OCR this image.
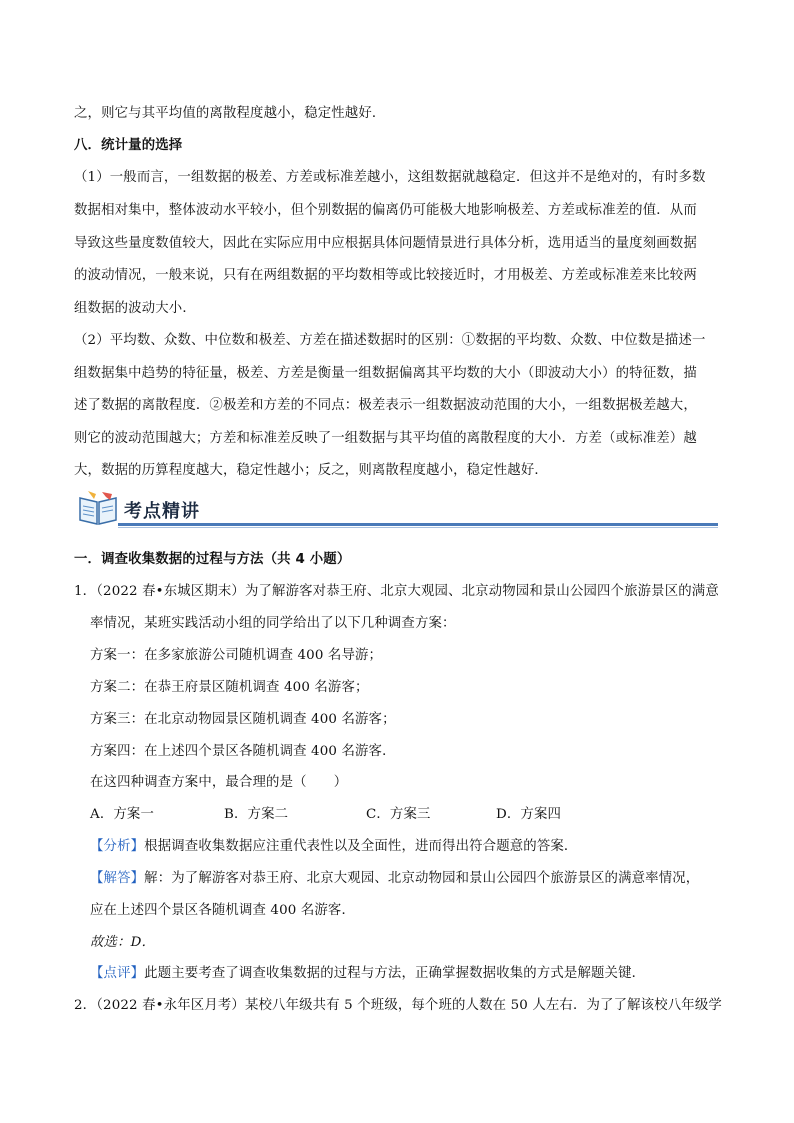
之，则它与其平均值的离散程度越小，稳定性越好．
八．统计量的选择
（1）一般而言，一组数据的极差、方差或标准差越小，这组数据就越稳定．但这并不是绝对的，有时多数
数据相对集中，整体波动水平较小，但个别数据的偏离仍可能极大地影响极差、方差或标准差的值．从而
导致这些量度数值较大，因此在实际应用中应根据具体问题情景进行具体分析，选用适当的量度刻画数据
的波动情况，一般来说，只有在两组数据的平均数相等或比较接近时，才用极差、方差或标准差来比较两
组数据的波动大小．
（2）平均数、众数、中位数和极差、方差在描述数据时的区别：①数据的平均数、众数、中位数是描述一
组数据集中趋势的特征量，极差、方差是衡量一组数据偏离其平均数的大小（即波动大小）的特征数，描
述了数据的离散程度．②极差和方差的不同点：极差表示一组数据波动范围的大小，一组数据极差越大，
则它的波动范围越大；方差和标准差反映了一组数据与其平均值的离散程度的大小．方差（或标准差）越
大，数据的历算程度越大，稳定性越小；反之，则离散程度越小，稳定性越好．
考点精讲
一．调查收集数据的过程与方法（共 4 小题）
1．（2022 春•东城区期末）为了解游客对恭王府、北京大观园、北京动物园和景山公园四个旅游景区的满意
率情况，某班实践活动小组的同学给出了以下几种调查方案：
方案一：在多家旅游公司随机调查 400 名导游；
方案二：在恭王府景区随机调查 400 名游客；
方案三：在北京动物园景区随机调查 400 名游客；
方案四：在上述四个景区各随机调查 400 名游客．
在这四种调查方案中，最合理的是（　　）
A．方案一	B．方案二	C．方案三	D．方案四
【分析】根据调查收集数据应注重代表性以及全面性，进而得出符合题意的答案．
【解答】解：为了解游客对恭王府、北京大观园、北京动物园和景山公园四个旅游景区的满意率情况，
应在上述四个景区各随机调查 400 名游客．
故选：D．
【点评】此题主要考查了调查收集数据的过程与方法，正确掌握数据收集的方式是解题关键．
2．（2022 春•永年区月考）某校八年级共有 5 个班级，每个班的人数在 50 人左右．为了了解该校八年级学
